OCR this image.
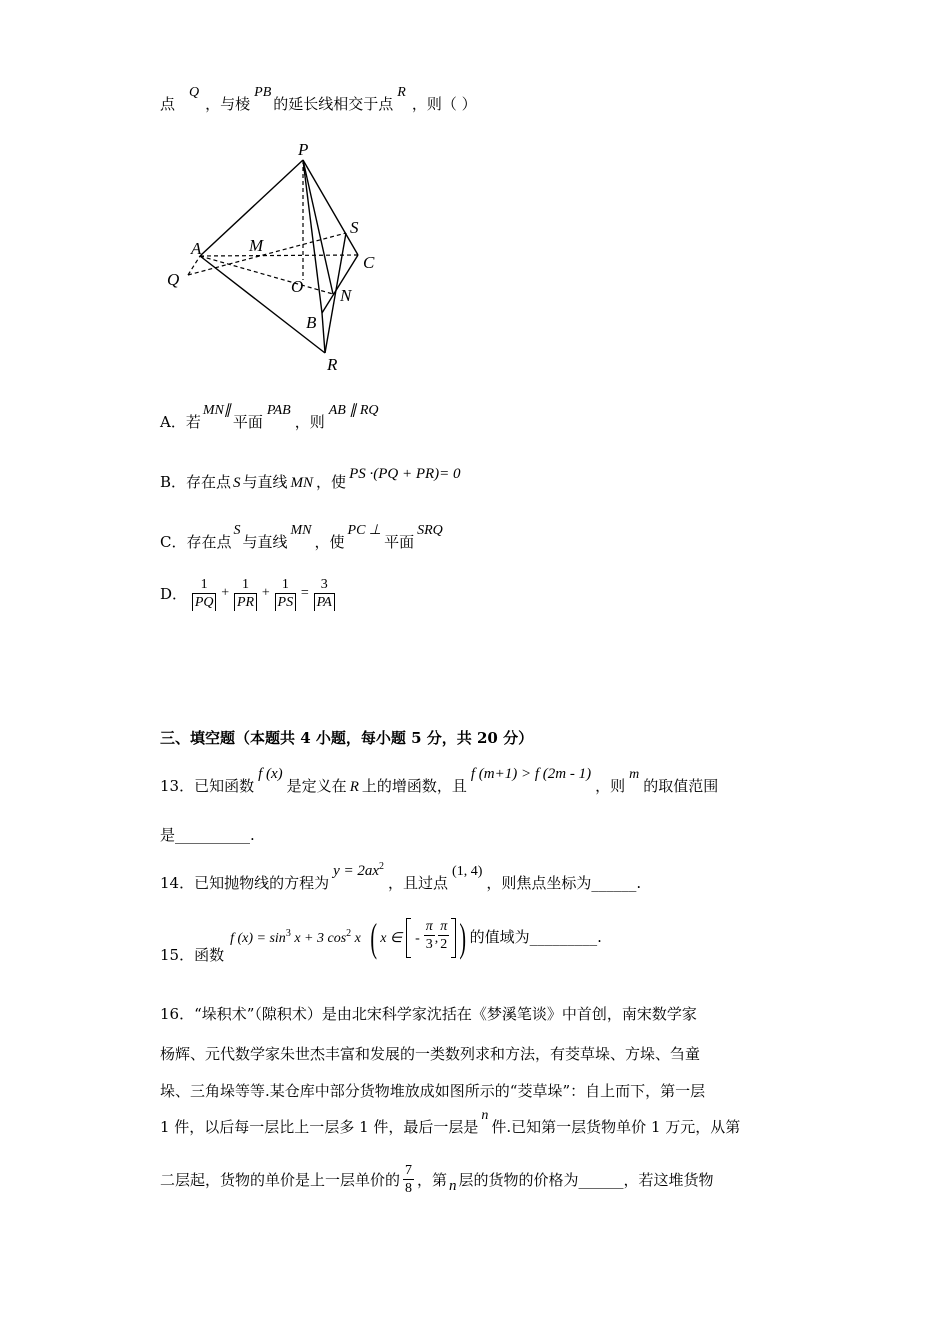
点Q，与棱PB的延长线相交于点R，则（ ）
P
S
A	M
C
Q	O N
B
R
A．若MN∥平面PAB，则AB ∥ RQ
B．存在点 S 与直线 MN ，使 PS ·(PQ + PR)= 0
C．存在点S与直线MN，使PC ⊥平面SRQ
D． $\frac{1}{PQ} + \frac{1}{PR} + \frac{1}{PS} = \frac{3}{PA}$
三、填空题（本题共 4 小题，每小题 5 分，共 20 分）
13．已知函数f (x)是定义在 R 上的增函数，且f (m+1) > f (2m - 1)，则m的取值范围
是__________.
14．已知抛物线的方程为$y = 2ax^2$，且过点(1, 4)，则焦点坐标为______.
15．函数f $(x) = \sin^3 x + 3$ $\cos^2 x$ ( x ∈ - $\frac{\pi}{3}$ , $\frac{\pi}{2}$ ) 的值域为_________.
16．“垛积术”（隙积术）是由北宋科学家沈括在《梦溪笔谈》中首创，南宋数学家
杨辉、元代数学家朱世杰丰富和发展的一类数列求和方法，有茭草垛、方垛、刍童
垛、三角垛等等.某仓库中部分货物堆放成如图所示的“茭草垛”：自上而下，第一层
1 件，以后每一层比上一层多 1 件，最后一层是n件.已知第一层货物单价 1 万元，从第
二层起，货物的单价是上一层单价的 $\frac{7}{8}$ ，第 n 层的货物的价格为______，若这堆货物
